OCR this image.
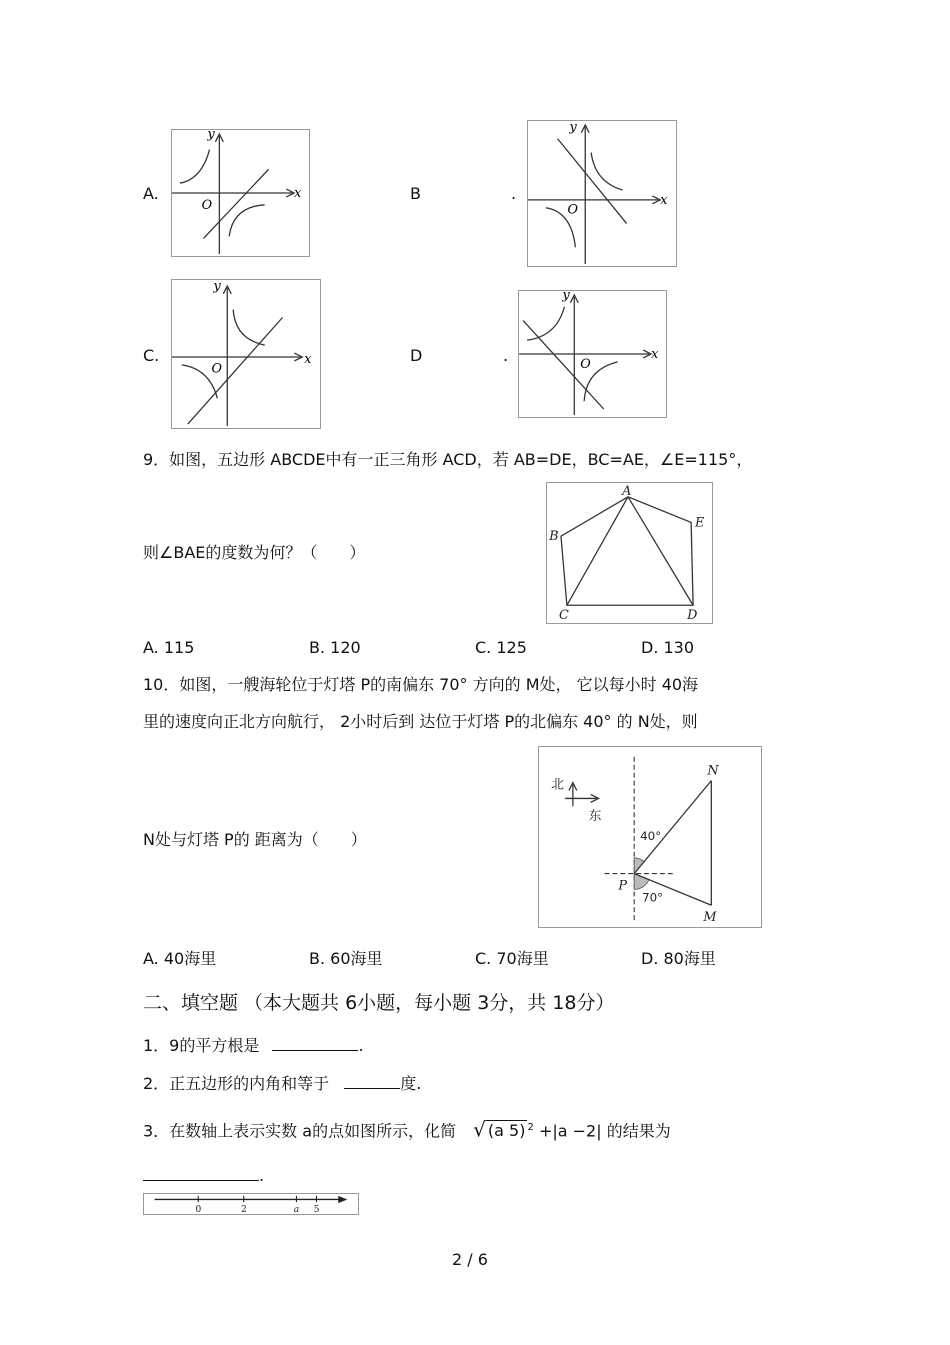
A.	x
y
O
B	.	x
y
O
C.	x
y
O
D	.	x
y
O
9．如图，五边形 ABCDE中有一正三角形 ACD，若 AB=DE，BC=AE，∠E=115°，
则∠BAE的度数为何？（　　）
A
B
C	D
E
A. 115	B. 120	C. 125	D. 130
10．如图，一艘海轮位于灯塔 P的南偏东 70° 方向的 M处， 它以每小时 40海
里的速度向正北方向航行， 2小时后到 达位于灯塔 P的北偏东 40° 的 N处，则
N处与灯塔 P的 距离为（　　）
北
东
N
P
M
40°
70°
A. 40海里	B. 60海里	C. 70海里	D. 80海里
二、填空题 （本大题共 6小题，每小题 3分，共 18分）
1．9的平方根是	.
2．正五边形的内角和等于	度.
3．在数轴上表示实数 a的点如图所示，化简 √ (a 5) $^2$ +|a −2| 的结果为
.
0	2	a 5
2 / 6
